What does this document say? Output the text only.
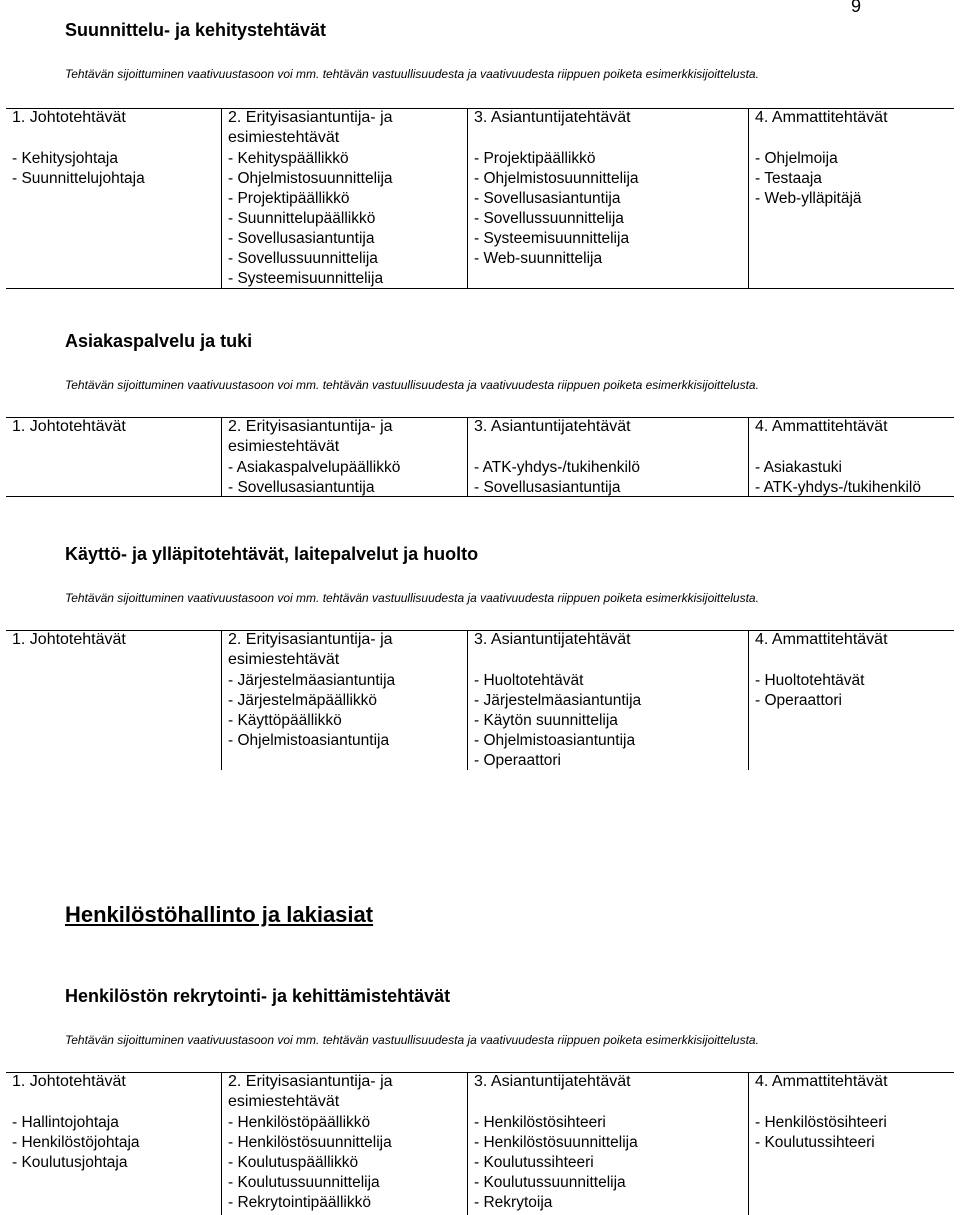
9
Suunnittelu- ja kehitystehtävät
Tehtävän sijoittuminen vaativuustasoon voi mm. tehtävän vastuullisuudesta ja vaativuudesta riippuen poiketa esimerkkisijoittelusta.
1. Johtotehtävät
- Kehitysjohtaja
- Suunnittelujohtaja
2. Erityisasiantuntija- ja esimiestehtävät
- Kehityspäällikkö
- Ohjelmistosuunnittelija
- Projektipäällikkö
- Suunnittelupäällikkö
- Sovellusasiantuntija
- Sovellussuunnittelija
- Systeemisuunnittelija
3. Asiantuntijatehtävät
- Projektipäällikkö
- Ohjelmistosuunnittelija
- Sovellusasiantuntija
- Sovellussuunnittelija
- Systeemisuunnittelija
- Web-suunnittelija
4. Ammattitehtävät
- Ohjelmoija
- Testaaja
- Web-ylläpitäjä
Asiakaspalvelu ja tuki
Tehtävän sijoittuminen vaativuustasoon voi mm. tehtävän vastuullisuudesta ja vaativuudesta riippuen poiketa esimerkkisijoittelusta.
1. Johtotehtävät	2. Erityisasiantuntija- ja esimiestehtävät
- Asiakaspalvelupäällikkö
- Sovellusasiantuntija
3. Asiantuntijatehtävät
- ATK-yhdys-/tukihenkilö
- Sovellusasiantuntija
4. Ammattitehtävät
- Asiakastuki
- ATK-yhdys-/tukihenkilö
Käyttö- ja ylläpitotehtävät, laitepalvelut ja huolto
Tehtävän sijoittuminen vaativuustasoon voi mm. tehtävän vastuullisuudesta ja vaativuudesta riippuen poiketa esimerkkisijoittelusta.
1. Johtotehtävät	2. Erityisasiantuntija- ja esimiestehtävät
- Järjestelmäasiantuntija
- Järjestelmäpäällikkö
- Käyttöpäällikkö
- Ohjelmistoasiantuntija
3. Asiantuntijatehtävät
- Huoltotehtävät
- Järjestelmäasiantuntija
- Käytön suunnittelija
- Ohjelmistoasiantuntija
- Operaattori
4. Ammattitehtävät
- Huoltotehtävät
- Operaattori
Henkilöstöhallinto ja lakiasiat
Henkilöstön rekrytointi- ja kehittämistehtävät
Tehtävän sijoittuminen vaativuustasoon voi mm. tehtävän vastuullisuudesta ja vaativuudesta riippuen poiketa esimerkkisijoittelusta.
1. Johtotehtävät
- Hallintojohtaja
- Henkilöstöjohtaja
- Koulutusjohtaja
2. Erityisasiantuntija- ja esimiestehtävät
- Henkilöstöpäällikkö
- Henkilöstösuunnittelija
- Koulutuspäällikkö
- Koulutussuunnittelija
- Rekrytointipäällikkö
3. Asiantuntijatehtävät
- Henkilöstösihteeri
- Henkilöstösuunnittelija
- Koulutussihteeri
- Koulutussuunnittelija
- Rekrytoija
4. Ammattitehtävät
- Henkilöstösihteeri
- Koulutussihteeri
